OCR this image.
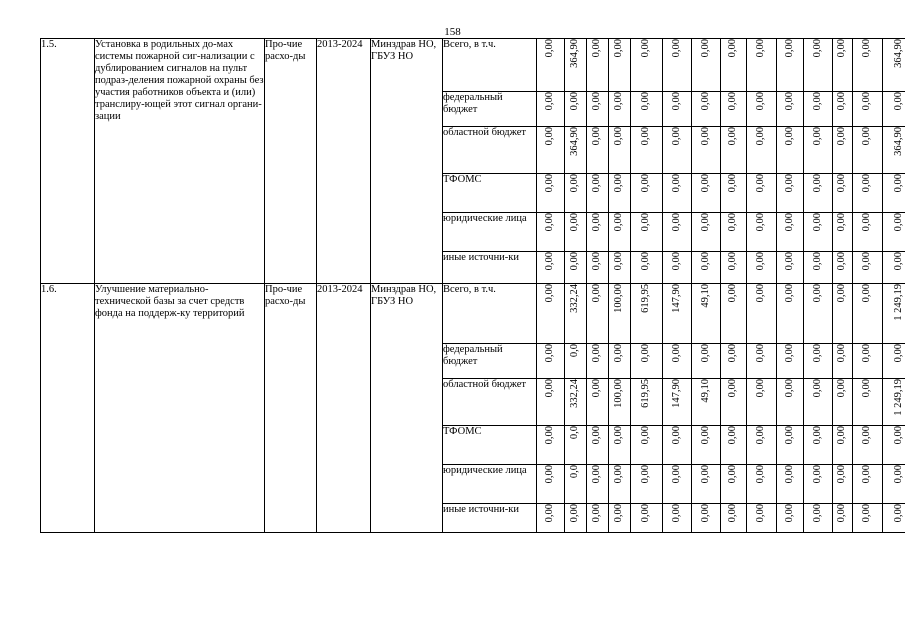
158
1.5.	Установка в родильных до-мах системы пожарной сиг-нализации с дублированием сигналов на пульт подраз-деления пожарной охраны без участия работников объекта и (или) транслиру-ющей этот сигнал органи-зации	Про-чие расхо-ды	2013-2024	Минздрав НО, ГБУЗ НО	Всего, в т.ч.	0,00	364,90	0,00	0,00	0,00	0,00	0,00	0,00	0,00	0,00	0,00	0,00	0,00	364,90
					федеральный бюджет	0,00	0,00	0,00	0,00	0,00	0,00	0,00	0,00	0,00	0,00	0,00	0,00	0,00	0,00
					областной бюджет	0,00	364,90	0,00	0,00	0,00	0,00	0,00	0,00	0,00	0,00	0,00	0,00	0,00	364,90
					ТФОМС	0,00	0,00	0,00	0,00	0,00	0,00	0,00	0,00	0,00	0,00	0,00	0,00	0,00	0,00
					юридические лица	0,00	0,00	0,00	0,00	0,00	0,00	0,00	0,00	0,00	0,00	0,00	0,00	0,00	0,00
					иные источни-ки	0,00	0,00	0,00	0,00	0,00	0,00	0,00	0,00	0,00	0,00	0,00	0,00	0,00	0,00
1.6.	Улучшение материально-технической базы за счет средств фонда на поддерж-ку территорий	Про-чие расхо-ды	2013-2024	Минздрав НО, ГБУЗ НО	Всего, в т.ч.	0,00	332,24	0,00	100,00	619,95	147,90	49,10	0,00	0,00	0,00	0,00	0,00	0,00	1 249,19
					федеральный бюджет	0,00	0,0	0,00	0,00	0,00	0,00	0,00	0,00	0,00	0,00	0,00	0,00	0,00	0,00
					областной бюджет	0,00	332,24	0,00	100,00	619,95	147,90	49,10	0,00	0,00	0,00	0,00	0,00	0,00	1 249,19
					ТФОМС	0,00	0,0	0,00	0,00	0,00	0,00	0,00	0,00	0,00	0,00	0,00	0,00	0,00	0,00
					юридические лица	0,00	0,0	0,00	0,00	0,00	0,00	0,00	0,00	0,00	0,00	0,00	0,00	0,00	0,00
					иные источни-ки	0,00	0,00	0,00	0,00	0,00	0,00	0,00	0,00	0,00	0,00	0,00	0,00	0,00	0,00
